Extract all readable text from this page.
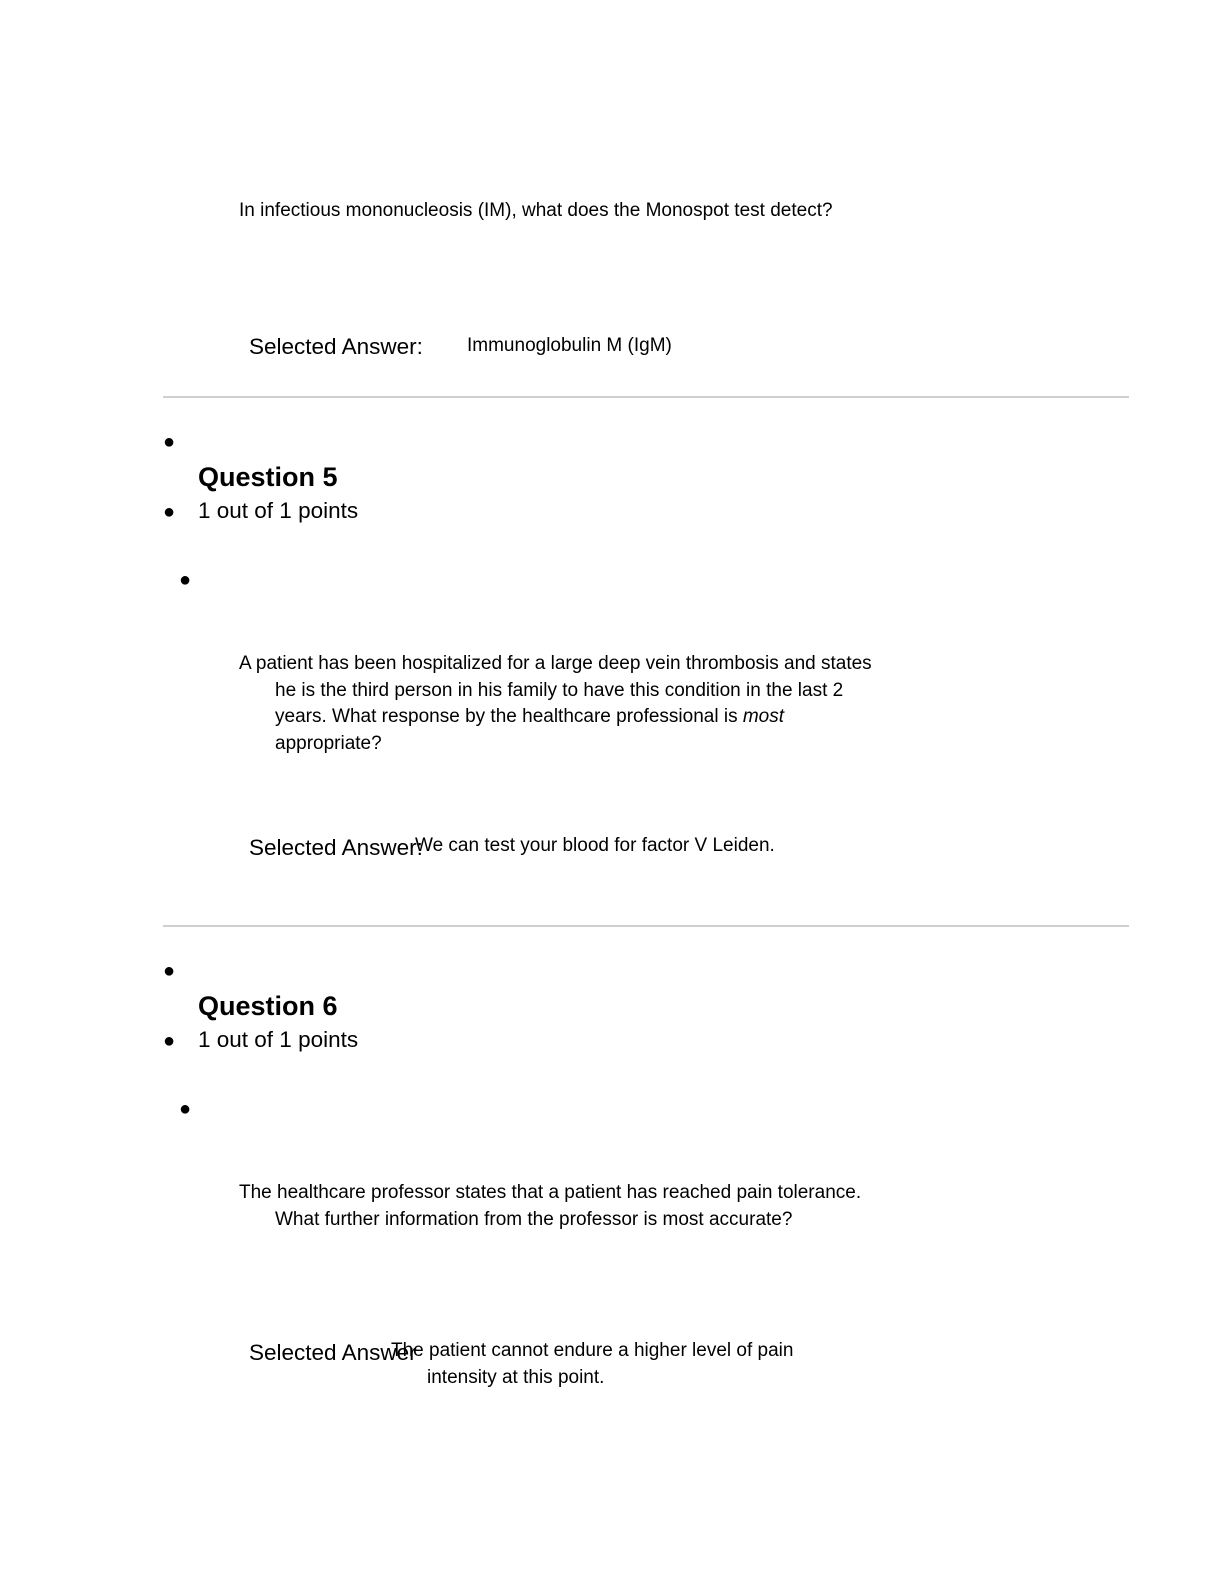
In infectious mononucleosis (IM), what does the Monospot test detect?
Selected Answer:	Immunoglobulin M (IgM)
●
Question 5
● 1 out of 1 points
●
A patient has been hospitalized for a large deep vein thrombosis and states he is the third person in his family to have this condition in the last 2 years. What response by the healthcare professional is most appropriate?
Selected Answer:
We can test your blood for factor V Leiden.
●
Question 6
● 1 out of 1 points
●
The healthcare professor states that a patient has reached pain tolerance. What further information from the professor is most accurate?
Selected Answer
The patient cannot endure a higher level of pain intensity at this point.
